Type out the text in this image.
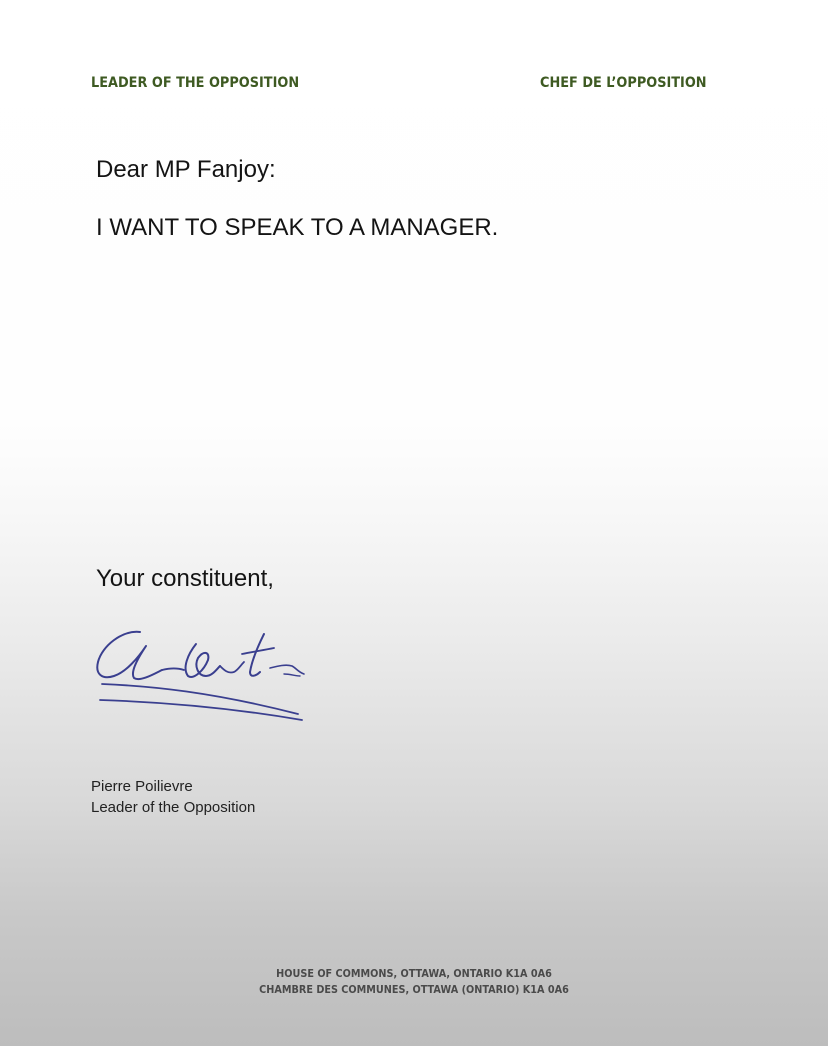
LEADER OF THE OPPOSITION	CHEF DE L’OPPOSITION
Dear MP Fanjoy:
I WANT TO SPEAK TO A MANAGER.
Your constituent,
Pierre Poilievre
Leader of the Opposition
HOUSE OF COMMONS, OTTAWA, ONTARIO K1A 0A6
CHAMBRE DES COMMUNES, OTTAWA (ONTARIO) K1A 0A6
